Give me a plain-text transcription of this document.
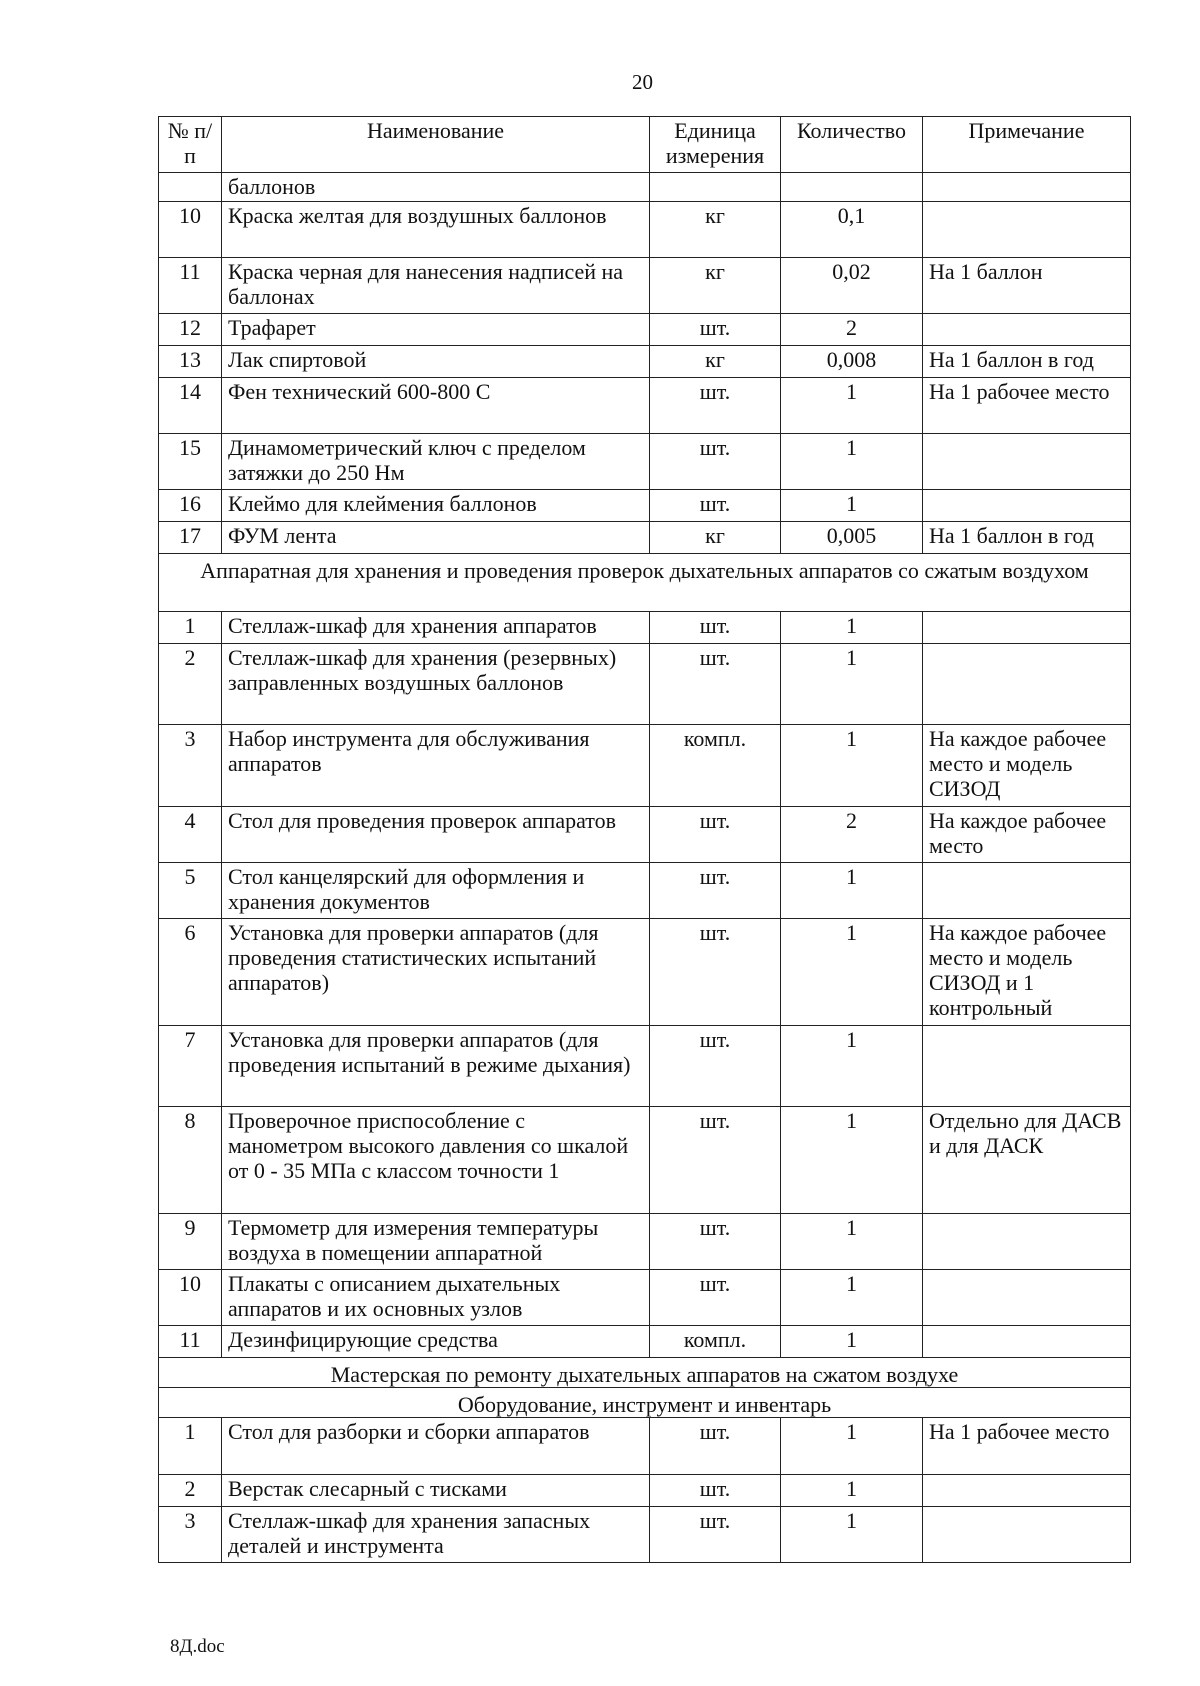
20
№ п/п	Наименование	Единица измерения	Количество	Примечание
	баллонов			
10	Краска желтая для воздушных баллонов	кг	0,1	
11	Краска черная для нанесения надписей на баллонах	кг	0,02	На 1 баллон
12	Трафарет	шт.	2	
13	Лак спиртовой	кг	0,008	На 1 баллон в год
14	Фен технический 600-800 С	шт.	1	На 1 рабочее место
15	Динамометрический ключ с пределом затяжки до 250 Нм	шт.	1	
16	Клеймо для клеймения баллонов	шт.	1	
17	ФУМ лента	кг	0,005	На 1 баллон в год
Аппаратная для хранения и проведения проверок дыхательных аппаратов со сжатым воздухом				
1	Стеллаж-шкаф для хранения аппаратов	шт.	1	
2	Стеллаж-шкаф для хранения (резервных) заправленных воздушных баллонов	шт.	1	
3	Набор инструмента для обслуживания аппаратов	компл.	1	На каждое рабочее место и модель СИЗОД
4	Стол для проведения проверок аппаратов	шт.	2	На каждое рабочее место
5	Стол канцелярский для оформления и хранения документов	шт.	1	
6	Установка для проверки аппаратов (для проведения статистических испытаний аппаратов)	шт.	1	На каждое рабочее место и модель СИЗОД и 1 контрольный
7	Установка для проверки аппаратов (для проведения испытаний в режиме дыхания)	шт.	1	
8	Проверочное приспособление с манометром высокого давления со шкалой от 0 - 35 МПа с классом точности 1	шт.	1	Отдельно для ДАСВ и для ДАСК
9	Термометр для измерения температуры воздуха в помещении аппаратной	шт.	1	
10	Плакаты с описанием дыхательных аппаратов и их основных узлов	шт.	1	
11	Дезинфицирующие средства	компл.	1	
Мастерская по ремонту дыхательных аппаратов на сжатом воздухе				
Оборудование, инструмент и инвентарь				
1	Стол для разборки и сборки аппаратов	шт.	1	На 1 рабочее место
2	Верстак слесарный с тисками	шт.	1	
3	Стеллаж-шкаф для хранения запасных деталей и инструмента	шт.	1	
8Д.doc
